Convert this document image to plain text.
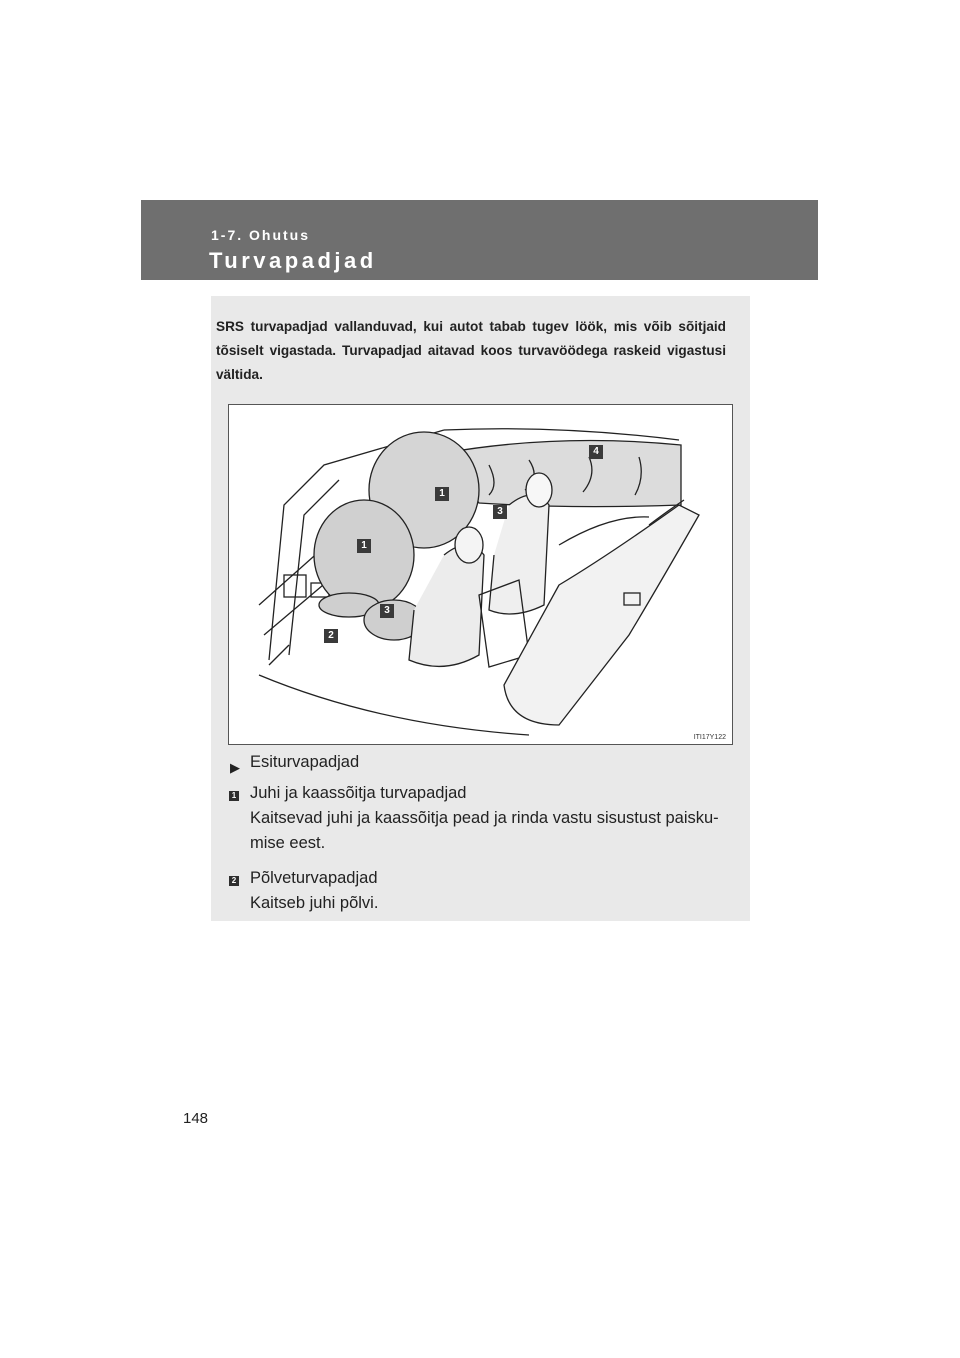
1-7. Ohutus
Turvapadjad
SRS turvapadjad vallanduvad, kui autot tabab tugev löök, mis võib sõitjaid tõsiselt vigastada. Turvapadjad aitavad koos turvavöödega raskeid vigastusi vältida.
1
1
2
3
3
4
ITI17Y122
▶ Esiturvapadjad
1 Juhi ja kaassõitja turvapadjad
Kaitsevad juhi ja kaassõitja pead ja rinda vastu sisustust paisku-
mise eest.
2 Põlveturvapadjad
Kaitseb juhi põlvi.
148
